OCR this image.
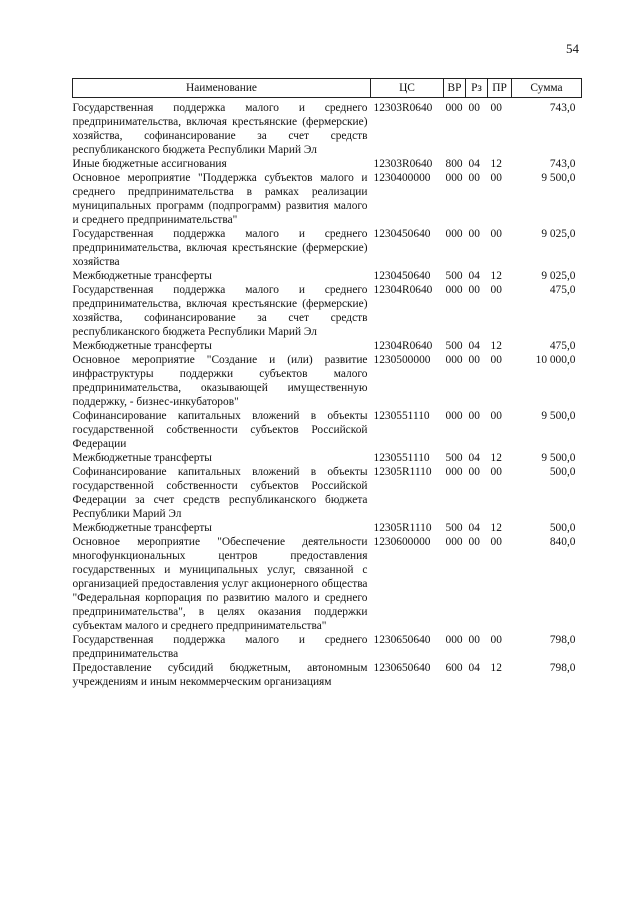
54
Наименование	ЦС	ВР	Рз	ПР	Сумма
Государственная поддержка малого и среднего предпринимательства, включая крестьянские (фермерские) хозяйства, софинансирование за счет средств республиканского бюджета Республики Марий Эл	12303R0640	000	00	00	743,0
Иные бюджетные ассигнования	12303R0640	800	04	12	743,0
Основное мероприятие "Поддержка субъектов малого и среднего предпринимательства в рамках реализации муниципальных программ (подпрограмм) развития малого и среднего предпринимательства"	1230400000	000	00	00	9 500,0
Государственная поддержка малого и среднего предпринимательства, включая крестьянские (фермерские) хозяйства	1230450640	000	00	00	9 025,0
Межбюджетные трансферты	1230450640	500	04	12	9 025,0
Государственная поддержка малого и среднего предпринимательства, включая крестьянские (фермерские) хозяйства, софинансирование за счет средств республиканского бюджета Республики Марий Эл	12304R0640	000	00	00	475,0
Межбюджетные трансферты	12304R0640	500	04	12	475,0
Основное мероприятие "Создание и (или) развитие инфраструктуры поддержки субъектов малого предпринимательства, оказывающей имущественную поддержку, - бизнес-инкубаторов"	1230500000	000	00	00	10 000,0
Софинансирование капитальных вложений в объекты государственной собственности субъектов Российской Федерации	1230551110	000	00	00	9 500,0
Межбюджетные трансферты	1230551110	500	04	12	9 500,0
Софинансирование капитальных вложений в объекты государственной собственности субъектов Российской Федерации за счет средств республиканского бюджета Республики Марий Эл	12305R1110	000	00	00	500,0
Межбюджетные трансферты	12305R1110	500	04	12	500,0
Основное мероприятие "Обеспечение деятельности многофункциональных центров предоставления государственных и муниципальных услуг, связанной с организацией предоставления услуг акционерного общества "Федеральная корпорация по развитию малого и среднего предпринимательства", в целях оказания поддержки субъектам малого и среднего предпринимательства"	1230600000	000	00	00	840,0
Государственная поддержка малого и среднего предпринимательства	1230650640	000	00	00	798,0
Предоставление субсидий бюджетным, автономным учреждениям и иным некоммерческим организациям	1230650640	600	04	12	798,0
